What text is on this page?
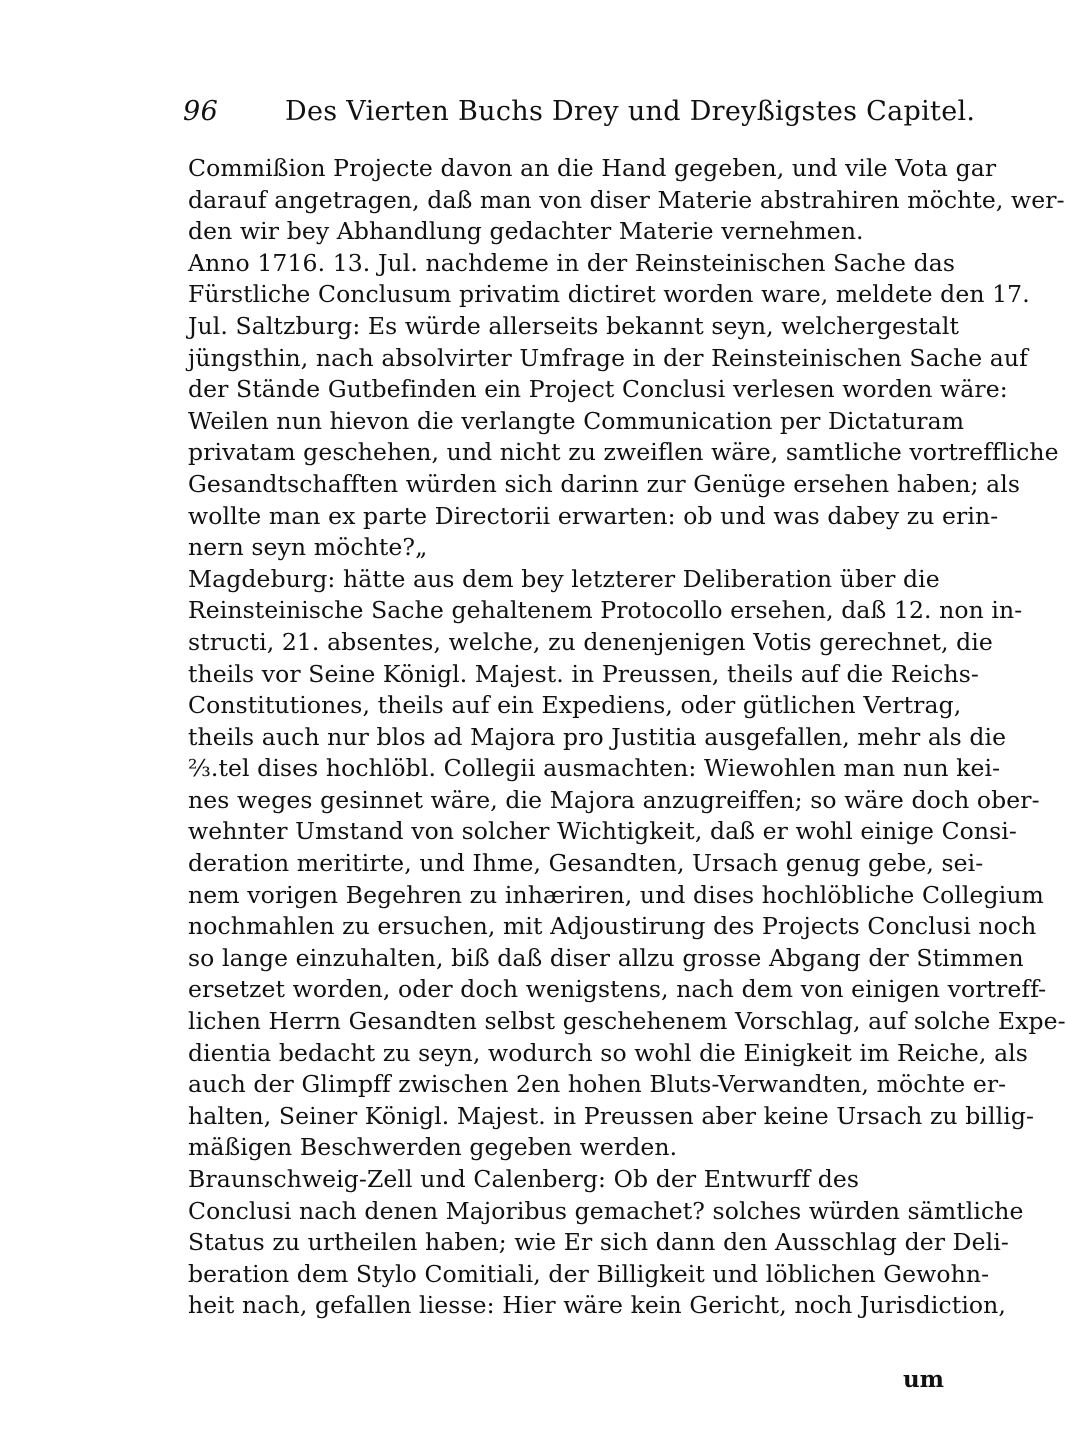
96 Des Vierten Buchs Drey und Dreyßigstes Capitel.
Commißion Projecte davon an die Hand gegeben, und vile Vota gar
darauf angetragen, daß man von diser Materie abstrahiren möchte, wer-
den wir bey Abhandlung gedachter Materie vernehmen.
Anno 1716. 13. Jul. nachdeme in der Reinsteinischen Sache das
Fürstliche Conclusum privatim dictiret worden ware, meldete den 17.
Jul. Saltzburg: Es würde allerseits bekannt seyn, welchergestalt
jüngsthin, nach absolvirter Umfrage in der Reinsteinischen Sache auf
der Stände Gutbefinden ein Project Conclusi verlesen worden wäre:
Weilen nun hievon die verlangte Communication per Dictaturam
privatam geschehen, und nicht zu zweiflen wäre, samtliche vortreffliche
Gesandtschafften würden sich darinn zur Genüge ersehen haben; als
wollte man ex parte Directorii erwarten: ob und was dabey zu erin-
nern seyn möchte?„
Magdeburg: hätte aus dem bey letzterer Deliberation über die
Reinsteinische Sache gehaltenem Protocollo ersehen, daß 12. non in-
structi, 21. absentes, welche, zu denenjenigen Votis gerechnet, die
theils vor Seine Königl. Majest. in Preussen, theils auf die Reichs-
Constitutiones, theils auf ein Expediens, oder gütlichen Vertrag,
theils auch nur blos ad Majora pro Justitia ausgefallen, mehr als die
⅔.tel dises hochlöbl. Collegii ausmachten: Wiewohlen man nun kei-
nes weges gesinnet wäre, die Majora anzugreiffen; so wäre doch ober-
wehnter Umstand von solcher Wichtigkeit, daß er wohl einige Consi-
deration meritirte, und Ihme, Gesandten, Ursach genug gebe, sei-
nem vorigen Begehren zu inhæriren, und dises hochlöbliche Collegium
nochmahlen zu ersuchen, mit Adjoustirung des Projects Conclusi noch
so lange einzuhalten, biß daß diser allzu grosse Abgang der Stimmen
ersetzet worden, oder doch wenigstens, nach dem von einigen vortreff-
lichen Herrn Gesandten selbst geschehenem Vorschlag, auf solche Expe-
dientia bedacht zu seyn, wodurch so wohl die Einigkeit im Reiche, als
auch der Glimpff zwischen 2en hohen Bluts-Verwandten, möchte er-
halten, Seiner Königl. Majest. in Preussen aber keine Ursach zu billig-
mäßigen Beschwerden gegeben werden.
Braunschweig-Zell und Calenberg: Ob der Entwurff des
Conclusi nach denen Majoribus gemachet? solches würden sämtliche
Status zu urtheilen haben; wie Er sich dann den Ausschlag der Deli-
beration dem Stylo Comitiali, der Billigkeit und löblichen Gewohn-
heit nach, gefallen liesse: Hier wäre kein Gericht, noch Jurisdiction,
um
